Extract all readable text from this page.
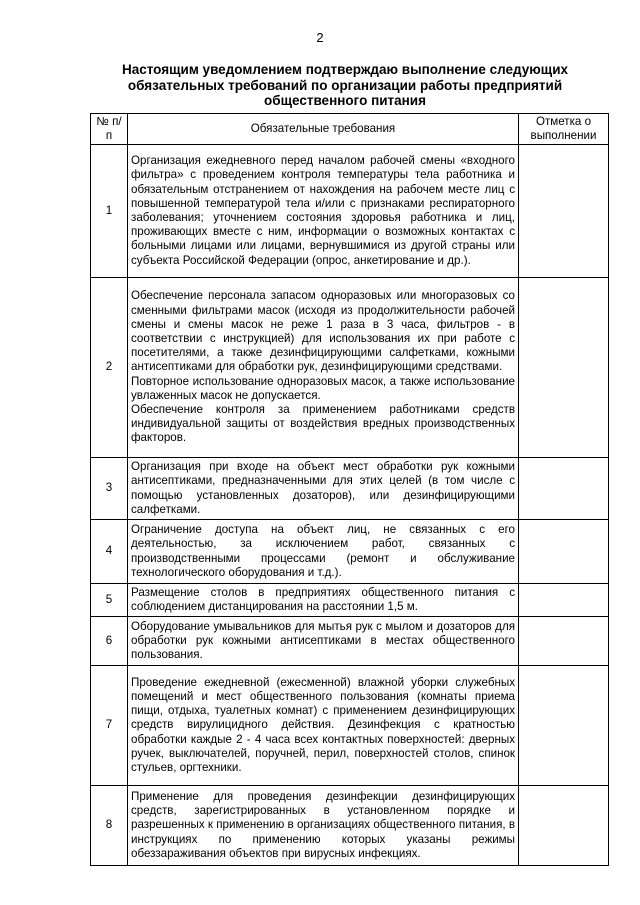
2
Настоящим уведомлением подтверждаю выполнение следующих обязательных требований по организации работы предприятий общественного питания
№ п/п	Обязательные требования	Отметка о выполнении
1	Организация ежедневного перед началом рабочей смены «входного фильтра» с проведением контроля температуры тела работника и обязательным отстранением от нахождения на рабочем месте лиц с повышенной температурой тела и/или с признаками респираторного заболевания; уточнением состояния здоровья работника и лиц, проживающих вместе с ним, информации о возможных контактах с больными лицами или лицами, вернувшимися из другой страны или субъекта Российской Федерации (опрос, анкетирование и др.).	

2	Обеспечение персонала запасом одноразовых или многоразовых со сменными фильтрами масок (исходя из продолжительности рабочей смены и смены масок не реже 1 раза в 3 часа, фильтров - в соответствии с инструкцией) для использования их при работе с посетителями, а также дезинфицирующими салфетками, кожными антисептиками для обработки рук, дезинфицирующими средствами.

Повторное использование одноразовых масок, а также использование увлаженных масок не допускается.

Обеспечение контроля за применением работниками средств индивидуальной защиты от воздействия вредных производственных факторов.	

3	Организация при входе на объект мест обработки рук кожными антисептиками, предназначенными для этих целей (в том числе с помощью установленных дозаторов), или дезинфицирующими салфетками.	

4	Ограничение доступа на объект лиц, не связанных с его деятельностью, за исключением работ, связанных с производственными процессами (ремонт и обслуживание технологического оборудования и т.д.).	

5	Размещение столов в предприятиях общественного питания с соблюдением дистанцирования на расстоянии 1,5 м.	

6	Оборудование умывальников для мытья рук с мылом и дозаторов для обработки рук кожными антисептиками в местах общественного пользования.	

7	Проведение ежедневной (ежесменной) влажной уборки служебных помещений и мест общественного пользования (комнаты приема пищи, отдыха, туалетных комнат) с применением дезинфицирующих средств вирулицидного действия. Дезинфекция с кратностью обработки каждые 2 - 4 часа всех контактных поверхностей: дверных ручек, выключателей, поручней, перил, поверхностей столов, спинок стульев, оргтехники.	

8	Применение для проведения дезинфекции дезинфицирующих средств, зарегистрированных в установленном порядке и разрешенных к применению в организациях общественного питания, в инструкциях по применению которых указаны режимы обеззараживания объектов при вирусных инфекциях.	
